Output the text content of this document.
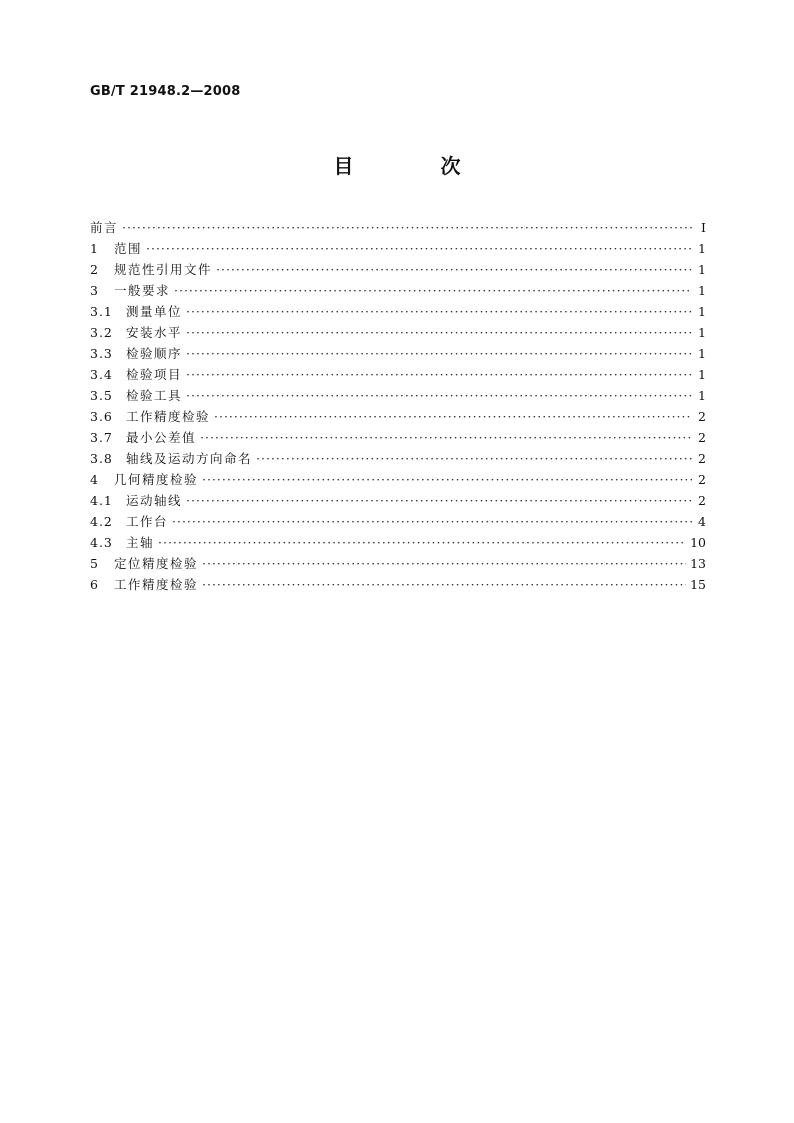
GB/T 21948.2—2008
目 次
前言 ·····	Ⅰ
1	范围 ·····	1
2	规范性引用文件 ·····	1
3	一般要求 ·····	1
3.1	测量单位 ·····	1
3.2	安装水平 ·····	1
3.3	检验顺序 ·····	1
3.4	检验项目 ·····	1
3.5	检验工具 ·····	1
3.6	工作精度检验 ·····	2
3.7	最小公差值 ·····	2
3.8	轴线及运动方向命名 ·····	2
4	几何精度检验 ·····	2
4.1	运动轴线 ·····	2
4.2	工作台 ·····	4
4.3	主轴 ·····	10
5	定位精度检验 ·····	13
6	工作精度检验 ·····	15
